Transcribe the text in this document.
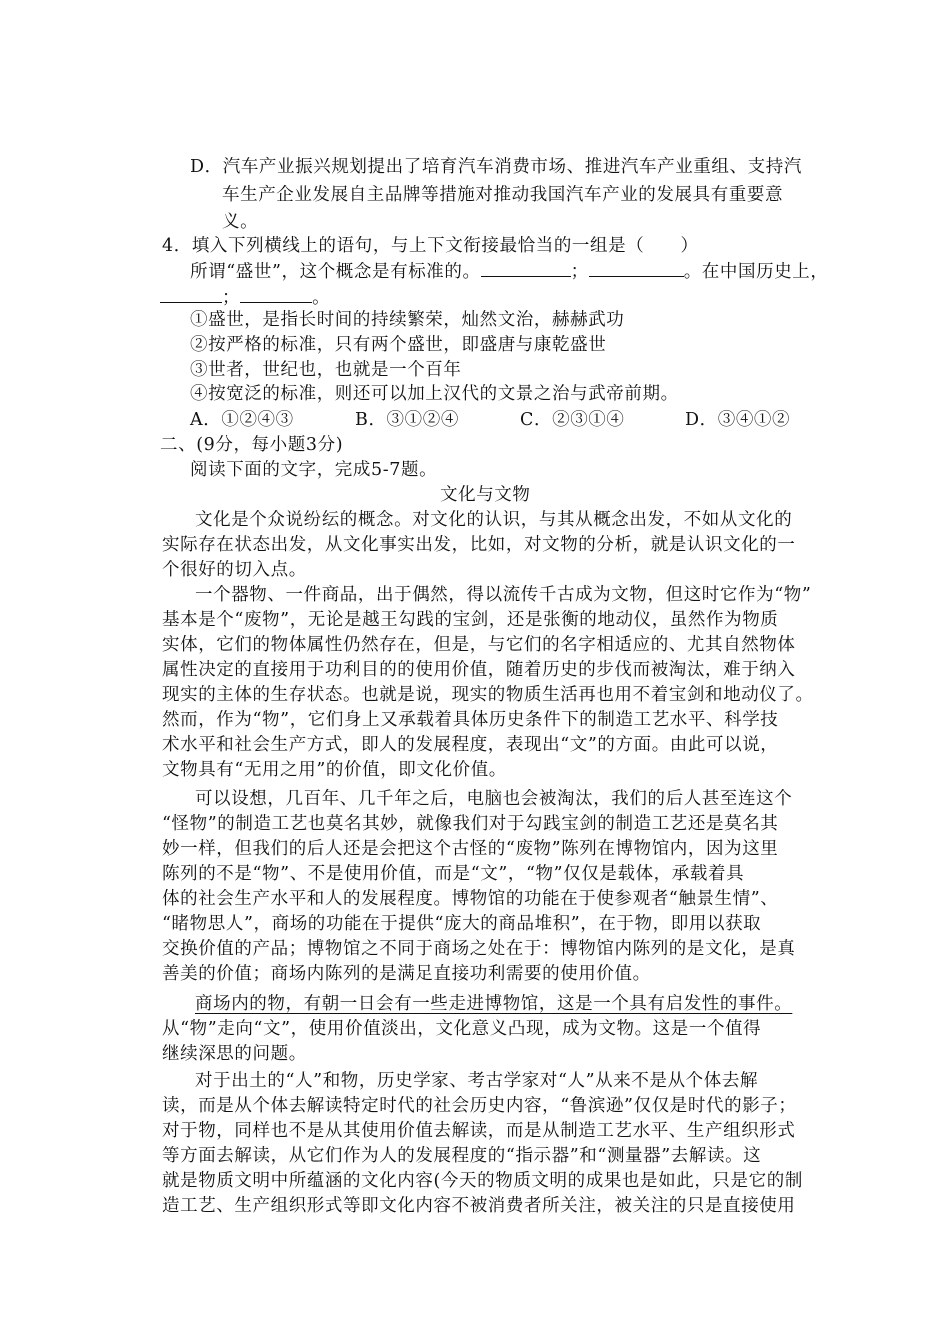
D．汽车产业振兴规划提出了培育汽车消费市场、推进汽车产业重组、支持汽
车生产企业发展自主品牌等措施对推动我国汽车产业的发展具有重要意
义。
4．填入下列横线上的语句，与上下文衔接最恰当的一组是（　　）
所谓“盛世”，这个概念是有标准的。	；	。在中国历史上，
；	。
①盛世，是指长时间的持续繁荣，灿然文治，赫赫武功
②按严格的标准，只有两个盛世，即盛唐与康乾盛世
③世者，世纪也，也就是一个百年
④按宽泛的标准，则还可以加上汉代的文景之治与武帝前期。
A．①②④③	B．③①②④	C．②③①④	D．③④①②
二、(9分，每小题3分)
阅读下面的文字，完成5-7题。
文化与文物
文化是个众说纷纭的概念。对文化的认识，与其从概念出发，不如从文化的
实际存在状态出发，从文化事实出发，比如，对文物的分析，就是认识文化的一
个很好的切入点。
一个器物、一件商品，出于偶然，得以流传千古成为文物，但这时它作为“物”
基本是个“废物”，无论是越王勾践的宝剑，还是张衡的地动仪，虽然作为物质
实体，它们的物体属性仍然存在，但是，与它们的名字相适应的、尤其自然物体
属性决定的直接用于功利目的的使用价值，随着历史的步伐而被淘汰，难于纳入
现实的主体的生存状态。也就是说，现实的物质生活再也用不着宝剑和地动仪了。
然而，作为“物”，它们身上又承载着具体历史条件下的制造工艺水平、科学技
术水平和社会生产方式，即人的发展程度，表现出“文”的方面。由此可以说，
文物具有“无用之用”的价值，即文化价值。
可以设想，几百年、几千年之后，电脑也会被淘汰，我们的后人甚至连这个
“怪物”的制造工艺也莫名其妙，就像我们对于勾践宝剑的制造工艺还是莫名其
妙一样，但我们的后人还是会把这个古怪的“废物”陈列在博物馆内，因为这里
陈列的不是“物”、不是使用价值，而是“文”，“物”仅仅是载体，承载着具
体的社会生产水平和人的发展程度。博物馆的功能在于使参观者“触景生情”、
“睹物思人”，商场的功能在于提供“庞大的商品堆积”，在于物，即用以获取
交换价值的产品；博物馆之不同于商场之处在于：博物馆内陈列的是文化，是真
善美的价值；商场内陈列的是满足直接功利需要的使用价值。
商场内的物，有朝一日会有一些走进博物馆，这是一个具有启发性的事件。
从“物”走向“文”，使用价值淡出，文化意义凸现，成为文物。这是一个值得
继续深思的问题。
对于出土的“人”和物，历史学家、考古学家对“人”从来不是从个体去解
读，而是从个体去解读特定时代的社会历史内容，“鲁滨逊”仅仅是时代的影子；
对于物，同样也不是从其使用价值去解读，而是从制造工艺水平、生产组织形式
等方面去解读，从它们作为人的发展程度的“指示器”和“测量器”去解读。这
就是物质文明中所蕴涵的文化内容(今天的物质文明的成果也是如此，只是它的制
造工艺、生产组织形式等即文化内容不被消费者所关注，被关注的只是直接使用
